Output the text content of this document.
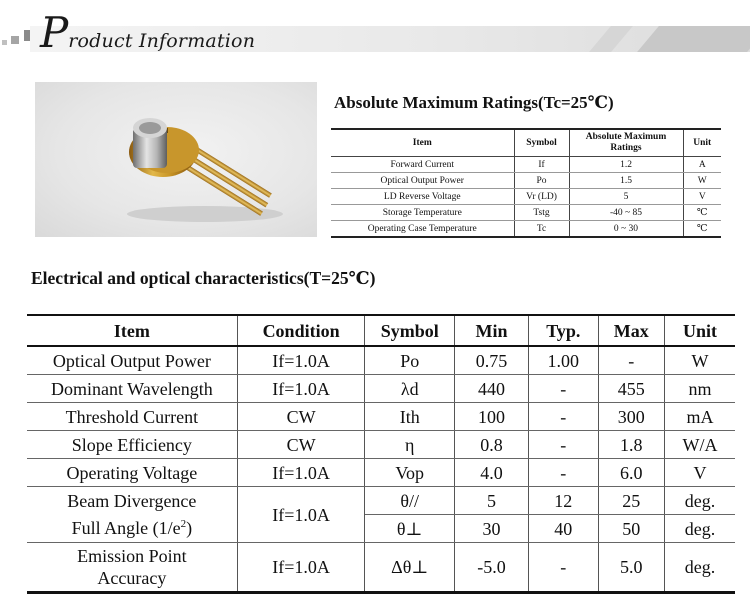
Product Information
Absolute Maximum Ratings(Tc=25℃)
Item	Symbol	Absolute Maximum Ratings	Unit
Forward Current	If	1.2	A
Optical Output Power	Po	1.5	W
LD Reverse Voltage	Vr (LD)	5	V
Storage Temperature	Tstg	-40 ~ 85	℃
Operating Case Temperature	Tc	0 ~ 30	℃
Electrical and optical characteristics(T=25℃)
Item	Condition	Symbol	Min	Typ.	Max	Unit
Optical Output Power	If=1.0A	Po	0.75	1.00	-	W
Dominant Wavelength	If=1.0A	λd	440	-	455	nm
Threshold Current	CW	Ith	100	-	300	mA
Slope Efficiency	CW	η	0.8	-	1.8	W/A
Operating Voltage	If=1.0A	Vop	4.0	-	6.0	V
Beam Divergence
Full Angle $(1/e^2)$	If=1.0A	θ//	5	12	25	deg.
		θ⊥	30	40	50	deg.
Emission Point
Accuracy	If=1.0A	Δθ⊥	-5.0	-	5.0	deg.
